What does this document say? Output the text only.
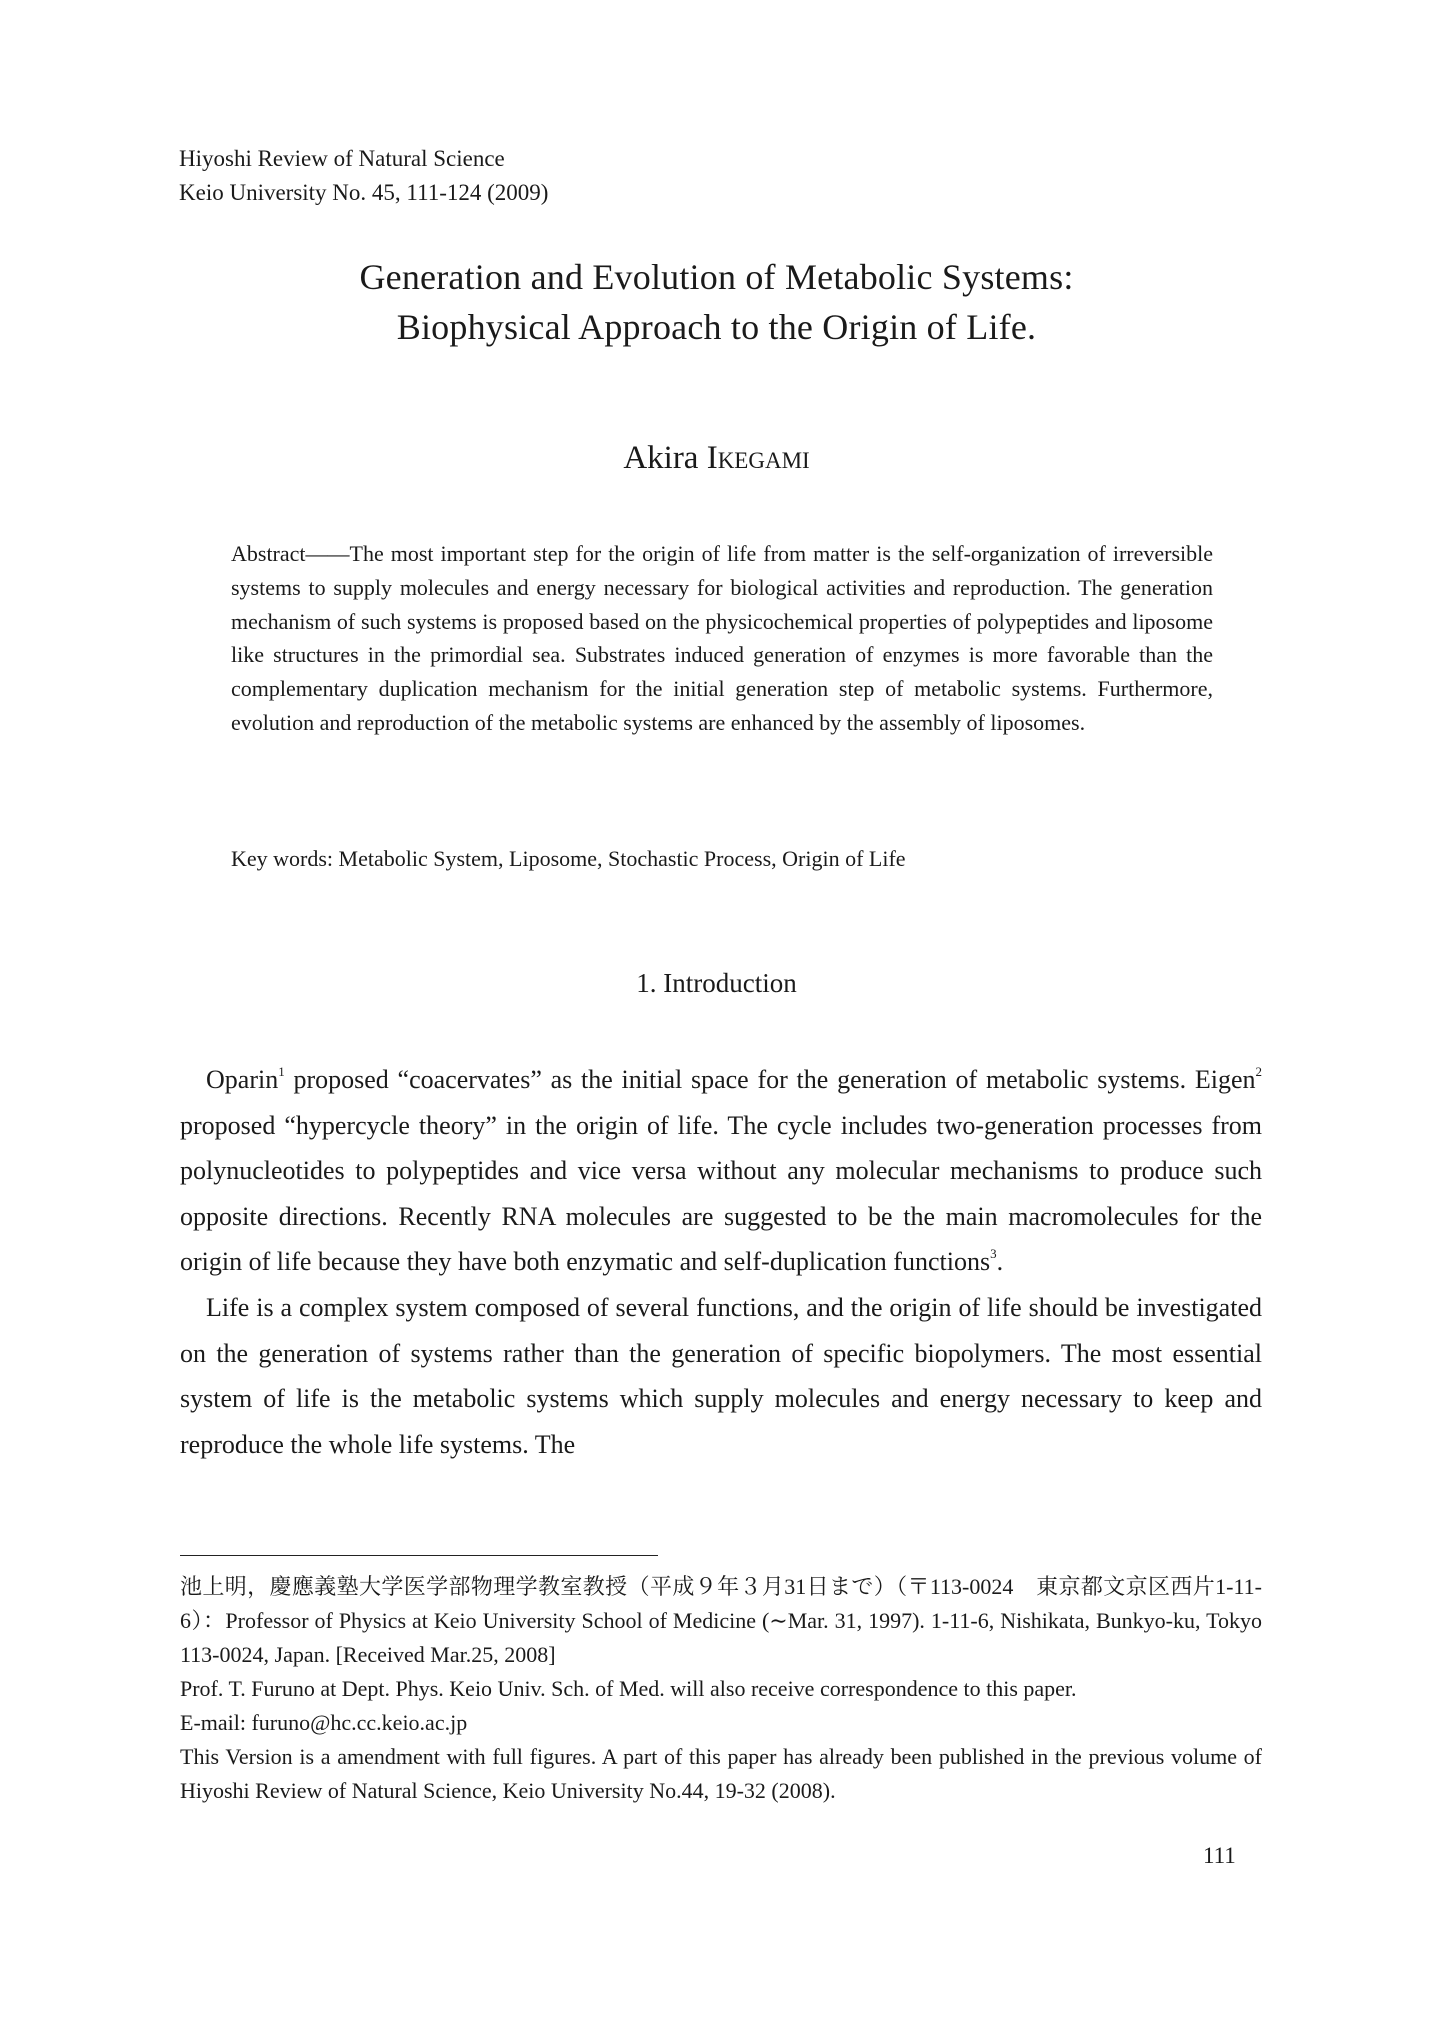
Hiyoshi Review of Natural Science
Keio University No. 45, 111-124 (2009)
Generation and Evolution of Metabolic Systems:
Biophysical Approach to the Origin of Life.
Akira Ikegami
Abstract——The most important step for the origin of life from matter is the self-organization of irreversible systems to supply molecules and energy necessary for biological activities and reproduction. The generation mechanism of such systems is proposed based on the physicochemical properties of polypeptides and liposome like structures in the primordial sea. Substrates induced generation of enzymes is more favorable than the complementary duplication mechanism for the initial generation step of metabolic systems. Furthermore, evolution and reproduction of the metabolic systems are enhanced by the assembly of liposomes.
Key words: Metabolic System, Liposome, Stochastic Process, Origin of Life
1. Introduction

Oparin$^1$ proposed “coacervates” as the initial space for the generation of metabolic systems. Eigen$^2$ proposed “hypercycle theory” in the origin of life. The cycle includes two-generation processes from polynucleotides to polypeptides and vice versa without any molecular mechanisms to produce such opposite directions. Recently RNA molecules are suggested to be the main macromolecules for the origin of life because they have both enzymatic and self-duplication functions$^3$.

Life is a complex system composed of several functions, and the origin of life should be investigated on the generation of systems rather than the generation of specific biopolymers. The most essential system of life is the metabolic systems which supply molecules and energy necessary to keep and reproduce the whole life systems. The

池上明，慶應義塾大学医学部物理学教室教授（平成９年３月31日まで）（〒113-0024　東京都文京区西片1-11-6）：Professor of Physics at Keio University School of Medicine (∼Mar. 31, 1997). 1-11-6, Nishikata, Bunkyo-ku, Tokyo 113-0024, Japan. [Received Mar.25, 2008]

Prof. T. Furuno at Dept. Phys. Keio Univ. Sch. of Med. will also receive correspondence to this paper.

E-mail: furuno@hc.cc.keio.ac.jp

This Version is a amendment with full figures. A part of this paper has already been published in the previous volume of Hiyoshi Review of Natural Science, Keio University No.44, 19-32 (2008).

111
